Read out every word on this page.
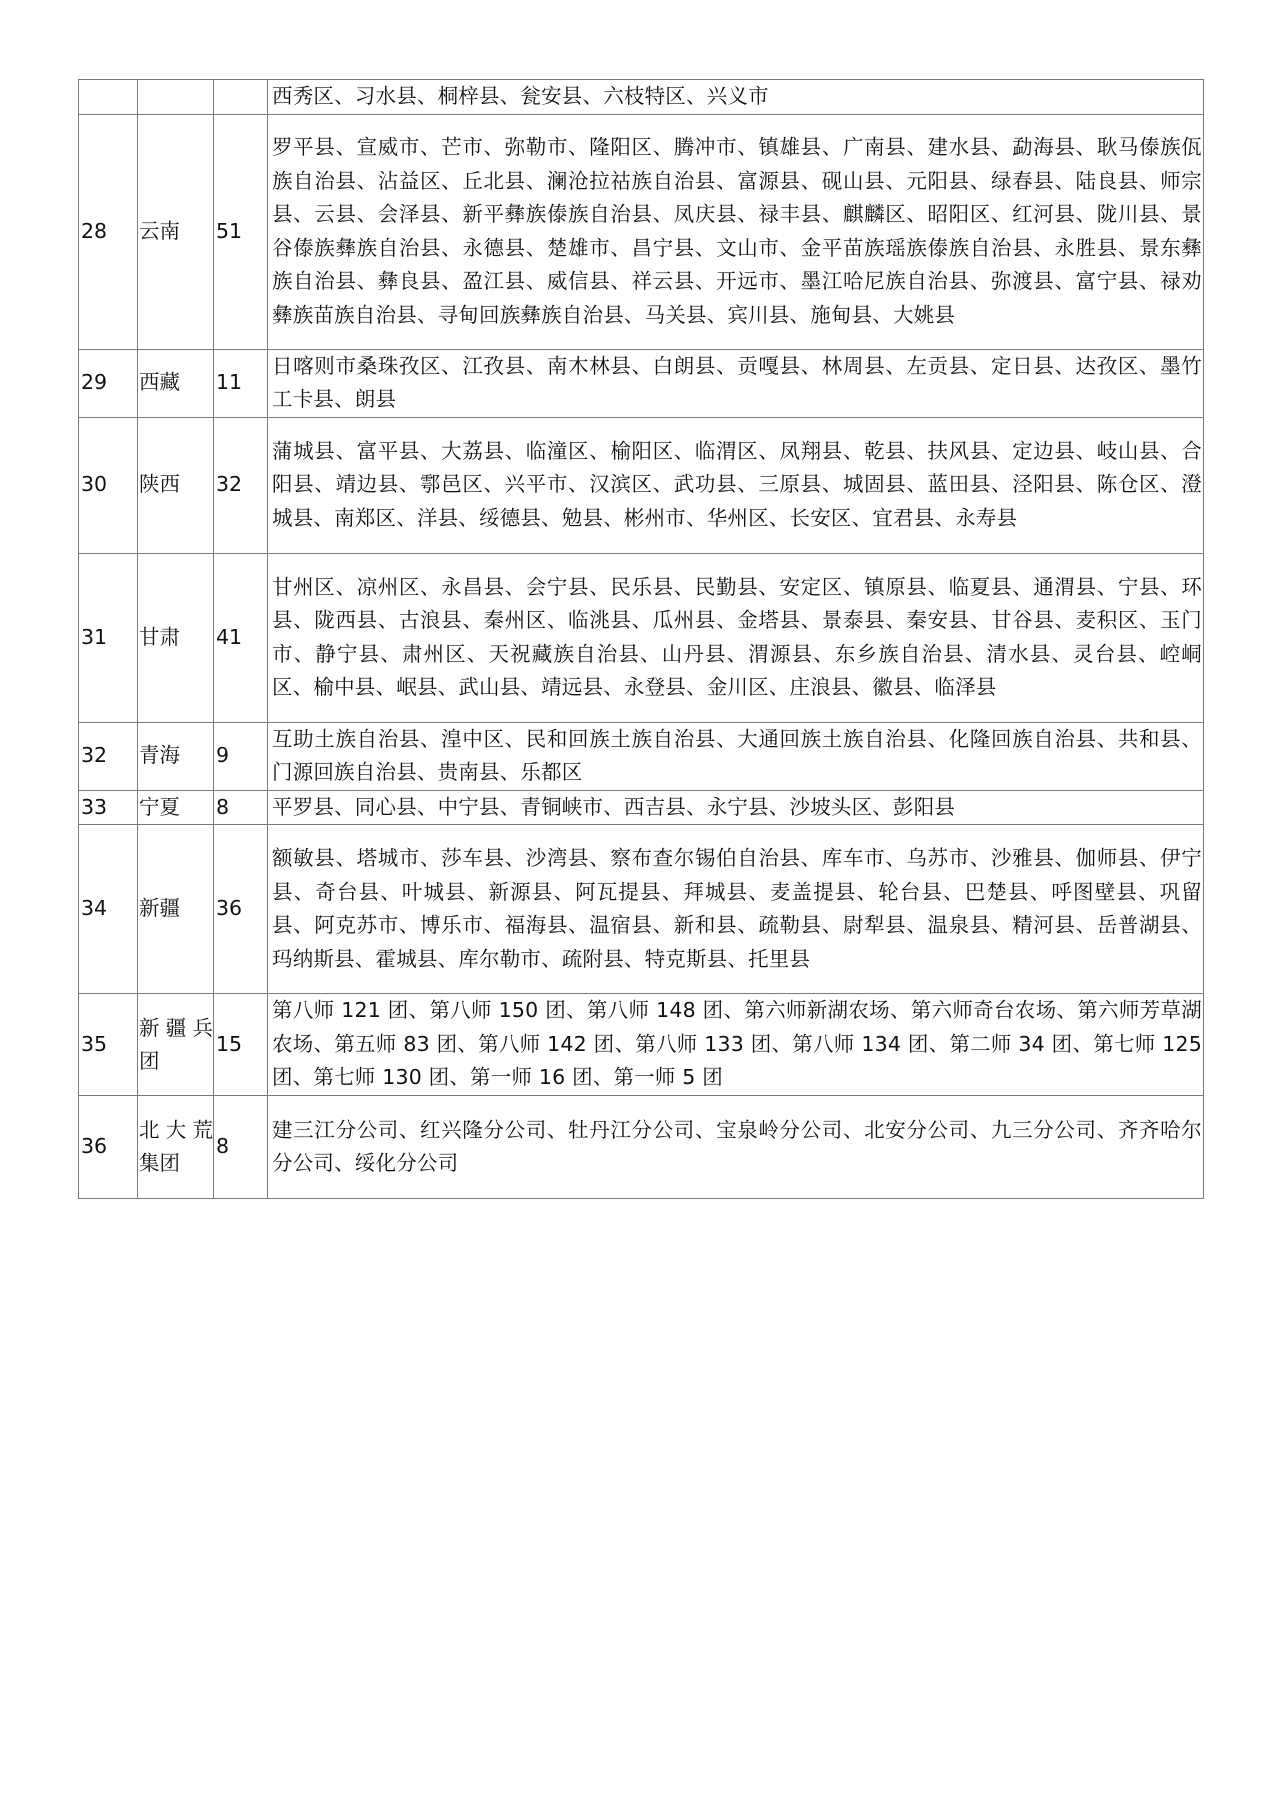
			西秀区、习水县、桐梓县、瓮安县、六枝特区、兴义市
28	云南	51	罗平县、宣威市、芒市、弥勒市、隆阳区、腾冲市、镇雄县、广南县、建水县、勐海县、耿马傣族佤族自治县、沾益区、丘北县、澜沧拉祜族自治县、富源县、砚山县、元阳县、绿春县、陆良县、师宗县、云县、会泽县、新平彝族傣族自治县、凤庆县、禄丰县、麒麟区、昭阳区、红河县、陇川县、景谷傣族彝族自治县、永德县、楚雄市、昌宁县、文山市、金平苗族瑶族傣族自治县、永胜县、景东彝族自治县、彝良县、盈江县、威信县、祥云县、开远市、墨江哈尼族自治县、弥渡县、富宁县、禄劝彝族苗族自治县、寻甸回族彝族自治县、马关县、宾川县、施甸县、大姚县
29	西藏	11	日喀则市桑珠孜区、江孜县、南木林县、白朗县、贡嘎县、林周县、左贡县、定日县、达孜区、墨竹工卡县、朗县
30	陕西	32	蒲城县、富平县、大荔县、临潼区、榆阳区、临渭区、凤翔县、乾县、扶风县、定边县、岐山县、合阳县、靖边县、鄠邑区、兴平市、汉滨区、武功县、三原县、城固县、蓝田县、泾阳县、陈仓区、澄城县、南郑区、洋县、绥德县、勉县、彬州市、华州区、长安区、宜君县、永寿县
31	甘肃	41	甘州区、凉州区、永昌县、会宁县、民乐县、民勤县、安定区、镇原县、临夏县、通渭县、宁县、环县、陇西县、古浪县、秦州区、临洮县、瓜州县、金塔县、景泰县、秦安县、甘谷县、麦积区、玉门市、静宁县、肃州区、天祝藏族自治县、山丹县、渭源县、东乡族自治县、清水县、灵台县、崆峒区、榆中县、岷县、武山县、靖远县、永登县、金川区、庄浪县、徽县、临泽县
32	青海	9	互助土族自治县、湟中区、民和回族土族自治县、大通回族土族自治县、化隆回族自治县、共和县、门源回族自治县、贵南县、乐都区
33	宁夏	8	平罗县、同心县、中宁县、青铜峡市、西吉县、永宁县、沙坡头区、彭阳县
34	新疆	36	额敏县、塔城市、莎车县、沙湾县、察布查尔锡伯自治县、库车市、乌苏市、沙雅县、伽师县、伊宁县、奇台县、叶城县、新源县、阿瓦提县、拜城县、麦盖提县、轮台县、巴楚县、呼图壁县、巩留县、阿克苏市、博乐市、福海县、温宿县、新和县、疏勒县、尉犁县、温泉县、精河县、岳普湖县、玛纳斯县、霍城县、库尔勒市、疏附县、特克斯县、托里县
35	新疆兵团	15	第八师 121 团、第八师 150 团、第八师 148 团、第六师新湖农场、第六师奇台农场、第六师芳草湖农场、第五师 83 团、第八师 142 团、第八师 133 团、第八师 134 团、第二师 34 团、第七师 125 团、第七师 130 团、第一师 16 团、第一师 5 团
36	北大荒集团	8	建三江分公司、红兴隆分公司、牡丹江分公司、宝泉岭分公司、北安分公司、九三分公司、齐齐哈尔分公司、绥化分公司
